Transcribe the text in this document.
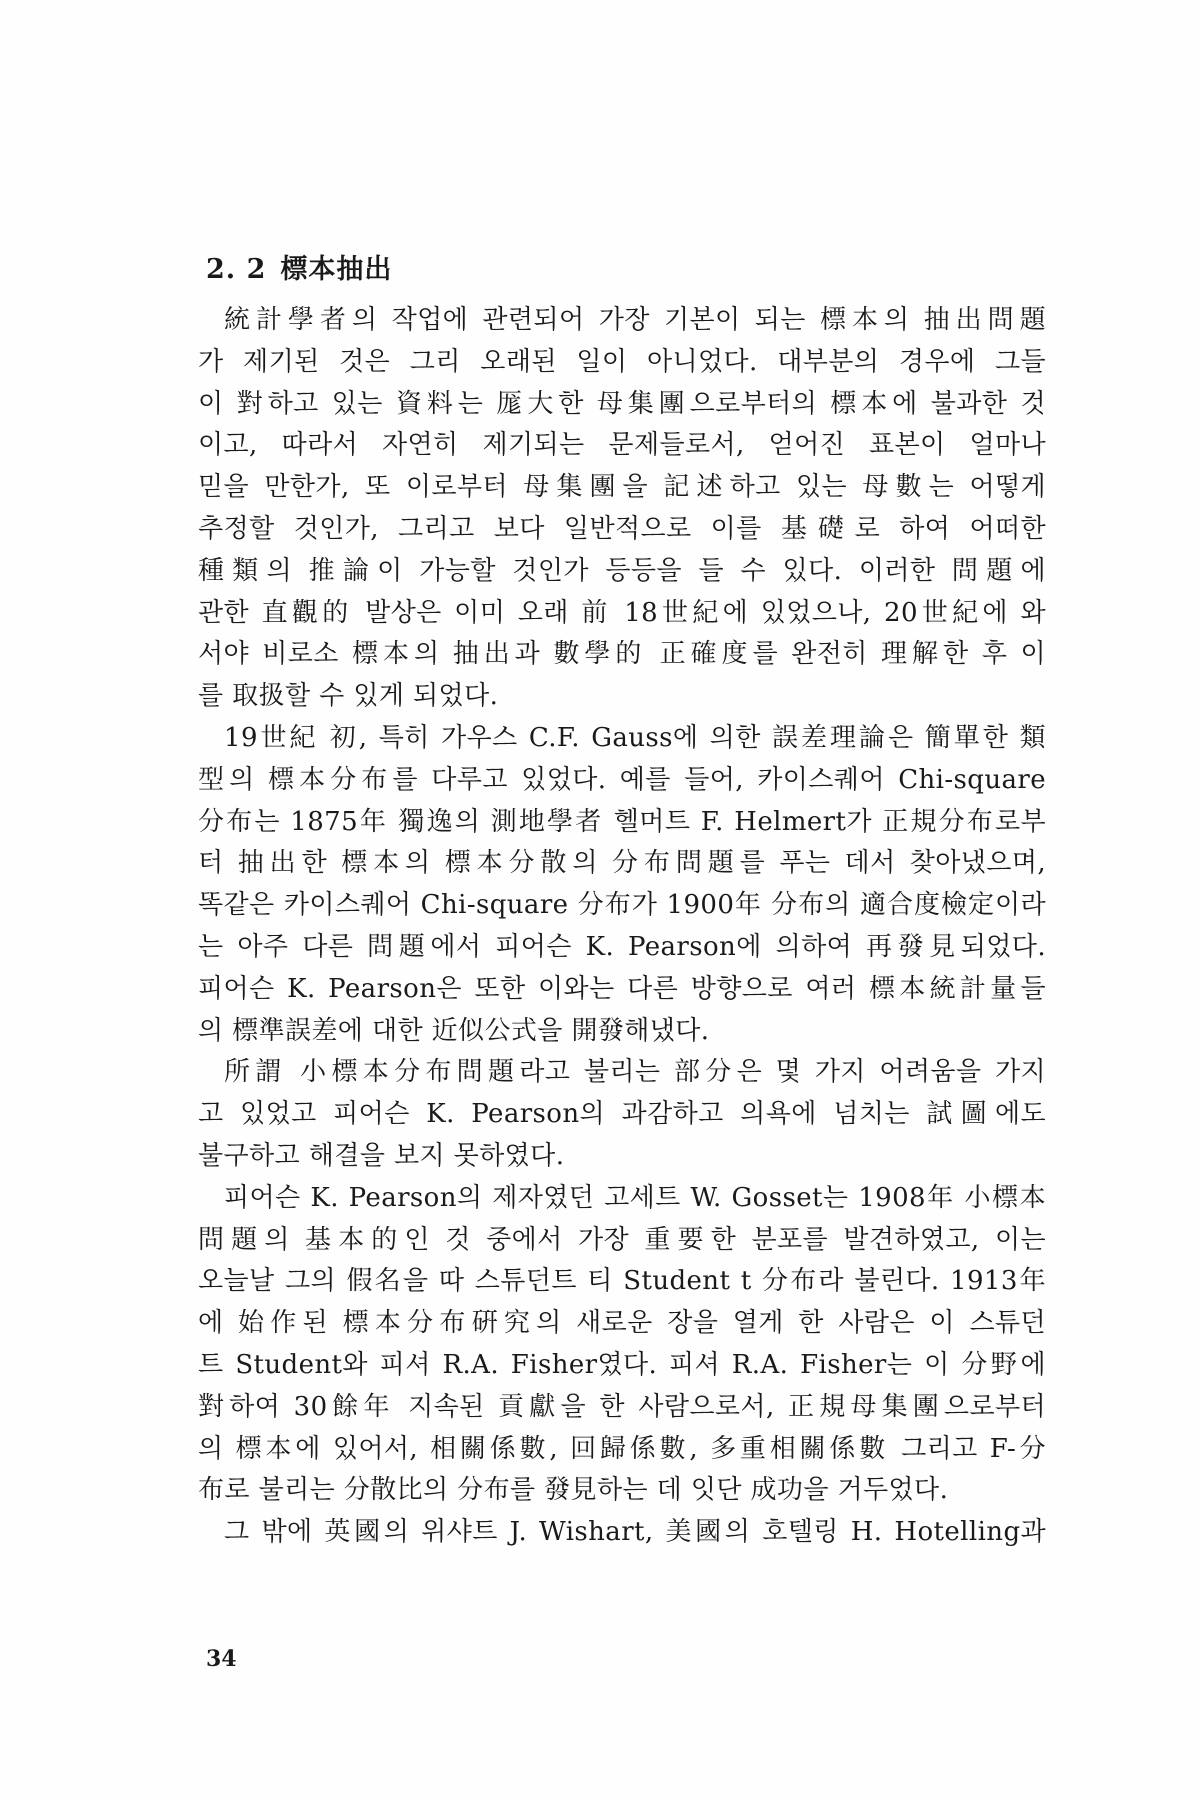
2. 2 標本抽出

統計學者의 작업에 관련되어 가장 기본이 되는 標本의 抽出問題
가 제기된 것은 그리 오래된 일이 아니었다. 대부분의 경우에 그들
이 對하고 있는 資料는 厖大한 母集團으로부터의 標本에 불과한 것
이고, 따라서 자연히 제기되는 문제들로서, 얻어진 표본이 얼마나
믿을 만한가, 또 이로부터 母集團을 記述하고 있는 母數는 어떻게
추정할 것인가, 그리고 보다 일반적으로 이를 基礎로 하여 어떠한
種類의 推論이 가능할 것인가 등등을 들 수 있다. 이러한 問題에
관한 直觀的 발상은 이미 오래 前 18世紀에 있었으나, 20世紀에 와
서야 비로소 標本의 抽出과 數學的 正確度를 완전히 理解한 후 이
를 取扱할 수 있게 되었다.

19世紀 初, 특히 가우스 C.F. Gauss에 의한 誤差理論은 簡單한 類
型의 標本分布를 다루고 있었다. 예를 들어, 카이스퀘어 Chi-square
分布는 1875年 獨逸의 測地學者 헬머트 F. Helmert가 正規分布로부
터 抽出한 標本의 標本分散의 分布問題를 푸는 데서 찾아냈으며,
똑같은 카이스퀘어 Chi-square 分布가 1900年 分布의 適合度檢定이라
는 아주 다른 問題에서 피어슨 K. Pearson에 의하여 再發見되었다.
피어슨 K. Pearson은 또한 이와는 다른 방향으로 여러 標本統計量들
의 標準誤差에 대한 近似公式을 開發해냈다.

所謂 小標本分布問題라고 불리는 部分은 몇 가지 어려움을 가지
고 있었고 피어슨 K. Pearson의 과감하고 의욕에 넘치는 試圖에도
불구하고 해결을 보지 못하였다.

피어슨 K. Pearson의 제자였던 고세트 W. Gosset는 1908年 小標本
問題의 基本的인 것 중에서 가장 重要한 분포를 발견하였고, 이는
오늘날 그의 假名을 따 스튜던트 티 Student t 分布라 불린다. 1913年
에 始作된 標本分布硏究의 새로운 장을 열게 한 사람은 이 스튜던
트 Student와 피셔 R.A. Fisher였다. 피셔 R.A. Fisher는 이 分野에
對하여 30餘年 지속된 貢獻을 한 사람으로서, 正規母集團으로부터
의 標本에 있어서, 相關係數, 回歸係數, 多重相關係數 그리고 F-分
布로 불리는 分散比의 分布를 發見하는 데 잇단 成功을 거두었다.

그 밖에 英國의 위샤트 J. Wishart, 美國의 호텔링 H. Hotelling과

34
